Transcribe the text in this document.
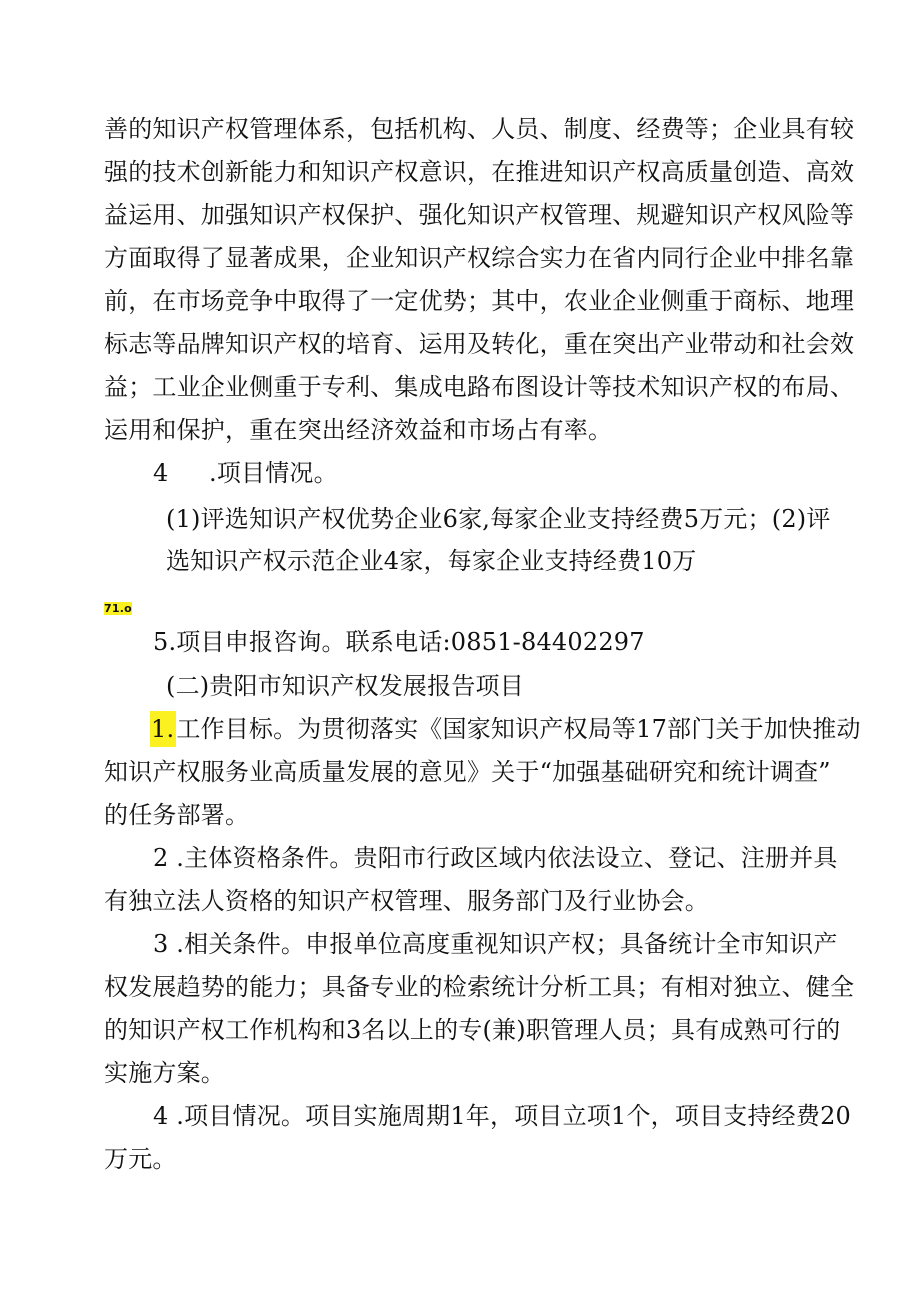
善的知识产权管理体系，包括机构、人员、制度、经费等；企业具有较
强的技术创新能力和知识产权意识，在推进知识产权高质量创造、高效
益运用、加强知识产权保护、强化知识产权管理、规避知识产权风险等
方面取得了显著成果，企业知识产权综合实力在省内同行企业中排名靠
前，在市场竞争中取得了一定优势；其中，农业企业侧重于商标、地理
标志等品牌知识产权的培育、运用及转化，重在突出产业带动和社会效
益；工业企业侧重于专利、集成电路布图设计等技术知识产权的布局、
运用和保护，重在突出经济效益和市场占有率。
4 .项目情况。
(1)评选知识产权优势企业6家,每家企业支持经费5万元；(2)评
选知识产权示范企业4家，每家企业支持经费10万
71.o
5.项目申报咨询。联系电话:0851-84402297
(二)贵阳市知识产权发展报告项目
1.工作目标。为贯彻落实《国家知识产权局等17部门关于加快推动
知识产权服务业高质量发展的意见》关于“加强基础研究和统计调查”
的任务部署。
2 .主体资格条件。贵阳市行政区域内依法设立、登记、注册并具
有独立法人资格的知识产权管理、服务部门及行业协会。
3 .相关条件。申报单位高度重视知识产权；具备统计全市知识产
权发展趋势的能力；具备专业的检索统计分析工具；有相对独立、健全
的知识产权工作机构和3名以上的专(兼)职管理人员；具有成熟可行的
实施方案。
4 .项目情况。项目实施周期1年，项目立项1个，项目支持经费20
万元。
